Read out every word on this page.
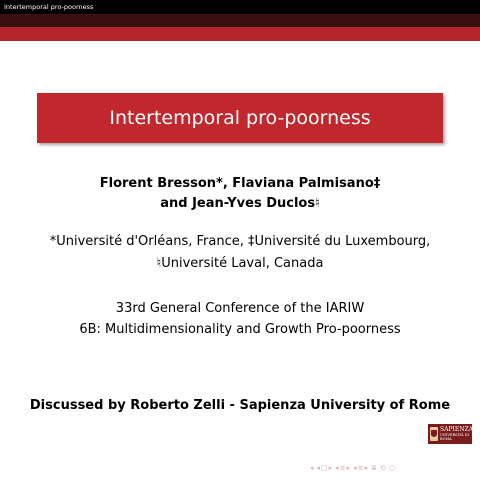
Intertemporal pro-poorness
Intertemporal pro-poorness
Florent Bresson*, Flaviana Palmisano‡
and Jean-Yves Duclos♮
*Université d'Orléans, France, ‡Université du Luxembourg,
♮Université Laval, Canada
33rd General Conference of the IARIW
6B: Multidimensionality and Growth Pro-poorness
Discussed by Roberto Zelli - Sapienza University of Rome
SAPIENZA
UNIVERSITÀ DI ROMA
◂ ◂ □ ▸ ◂ ≡ ▸ ◂ ≡ ▸ ≣ ⟲ ○
